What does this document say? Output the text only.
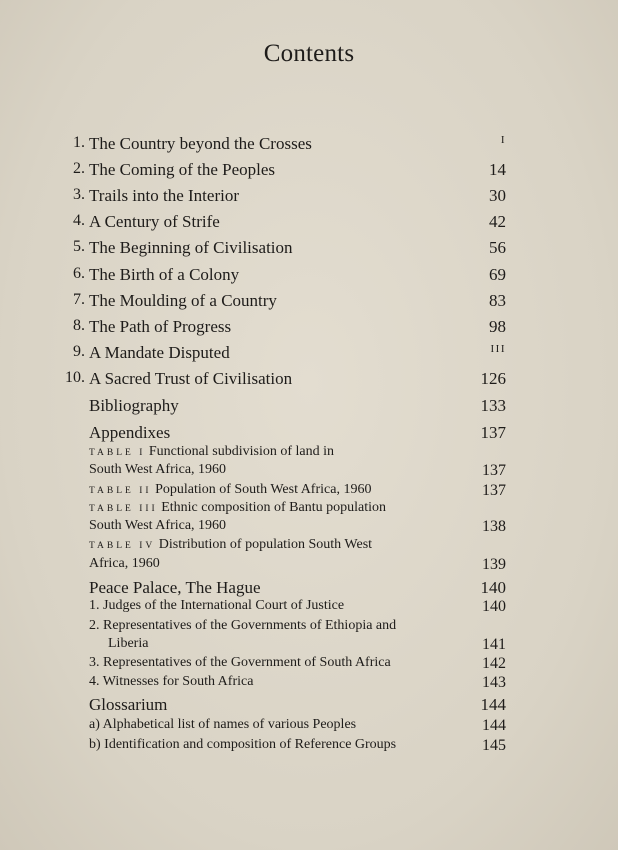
Contents
1. The Country beyond the Crosses	I
2. The Coming of the Peoples	14
3. Trails into the Interior	30
4. A Century of Strife	42
5. The Beginning of Civilisation	56
6. The Birth of a Colony	69
7. The Moulding of a Country	83
8. The Path of Progress	98
9. A Mandate Disputed	III
10. A Sacred Trust of Civilisation	126
Bibliography	133
Appendixes	137
TABLE I Functional subdivision of land in
South West Africa, 1960	137
TABLE II Population of South West Africa, 1960	137
TABLE III Ethnic composition of Bantu population
South West Africa, 1960	138
TABLE IV Distribution of population South West
Africa, 1960	139
Peace Palace, The Hague	140
1. Judges of the International Court of Justice	140
2. Representatives of the Governments of Ethiopia and
Liberia	141
3. Representatives of the Government of South Africa	142
4. Witnesses for South Africa	143
Glossarium	144
a) Alphabetical list of names of various Peoples	144
b) Identification and composition of Reference Groups	145
